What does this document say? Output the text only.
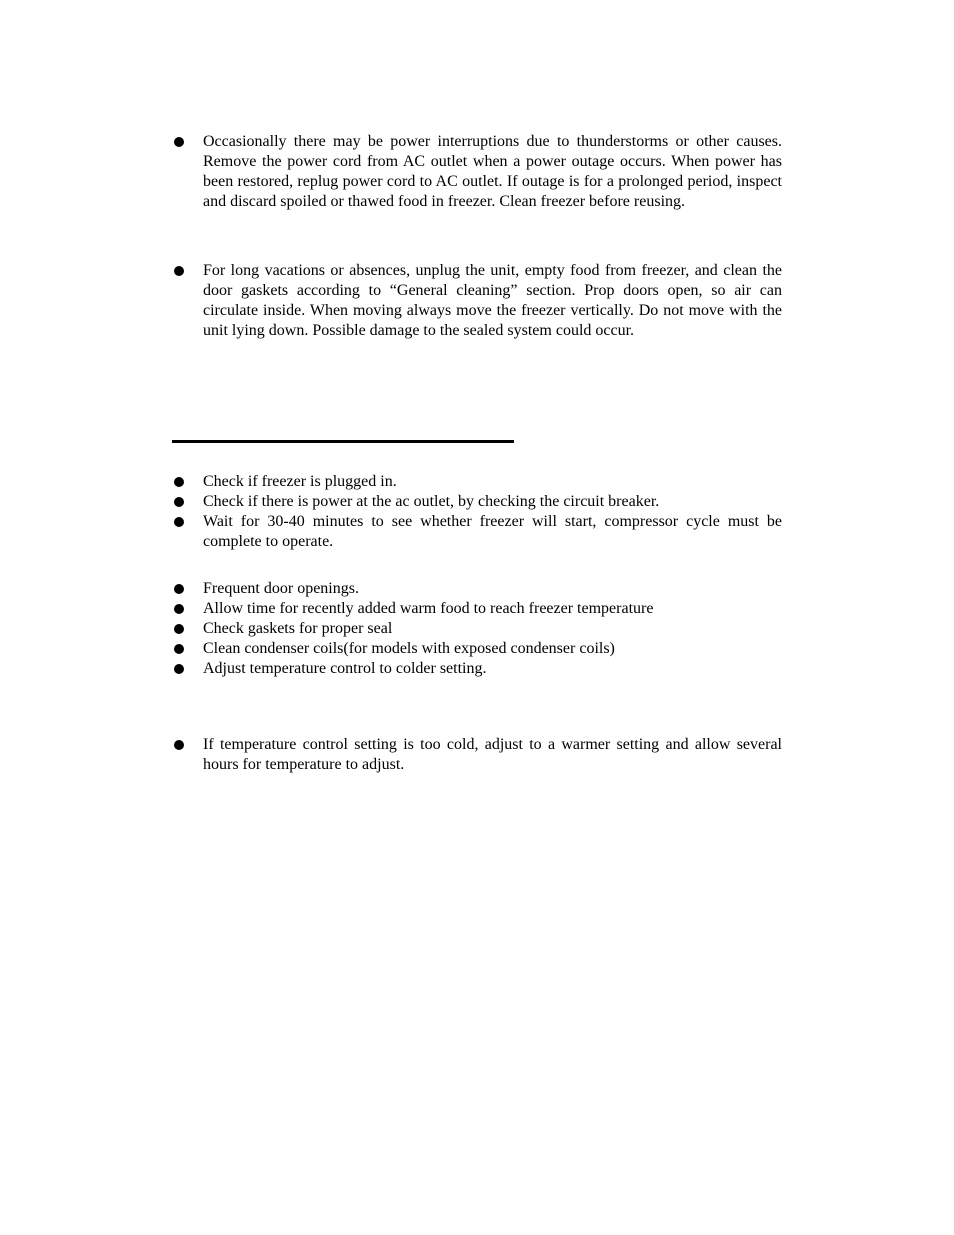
Occasionally there may be power interruptions due to thunderstorms or other causes. Remove the power cord from AC outlet when a power outage occurs. When power has been restored, replug power cord to AC outlet. If outage is for a prolonged period, inspect and discard spoiled or thawed food in freezer. Clean freezer before reusing.
For long vacations or absences, unplug the unit, empty food from freezer, and clean the door gaskets according to “General cleaning” section. Prop doors open, so air can circulate inside. When moving always move the freezer vertically. Do not move with the unit lying down. Possible damage to the sealed system could occur.
Check if freezer is plugged in.
Check if there is power at the ac outlet, by checking the circuit breaker.
Wait for 30-40 minutes to see whether freezer will start, compressor cycle must be complete to operate.
Frequent door openings.
Allow time for recently added warm food to reach freezer temperature
Check gaskets for proper seal
Clean condenser coils(for models with exposed condenser coils)
Adjust temperature control to colder setting.
If temperature control setting is too cold, adjust to a warmer setting and allow several hours for temperature to adjust.
